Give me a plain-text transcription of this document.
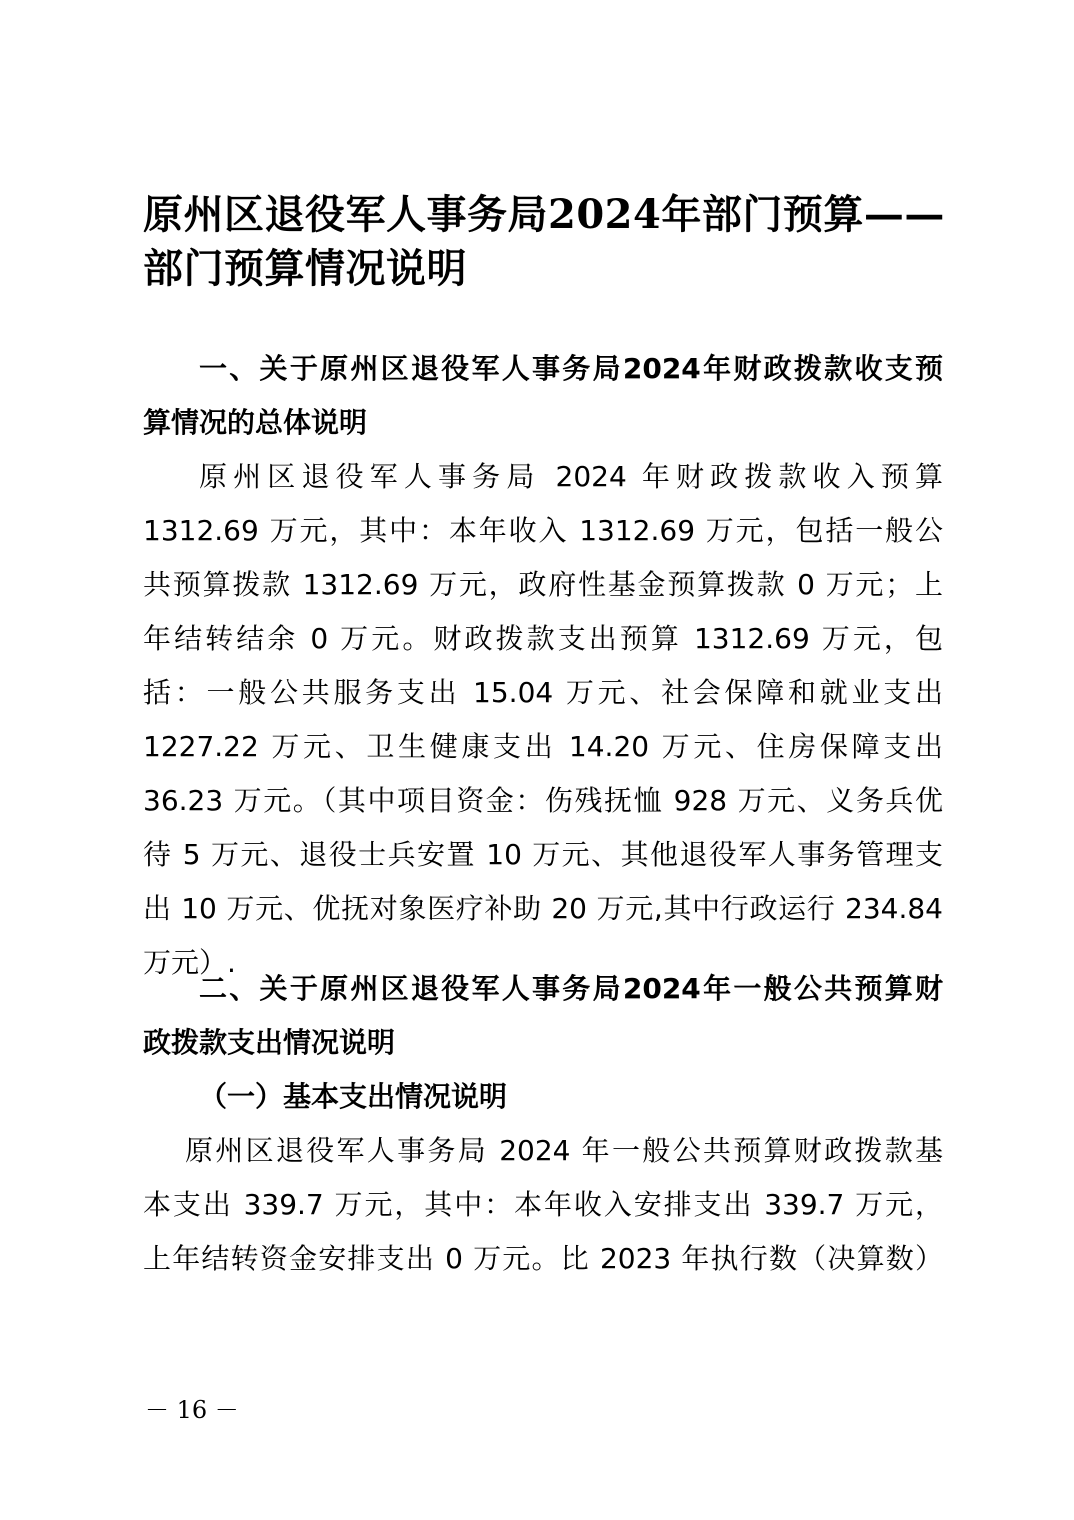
原州区退役军人事务局2024年部门预算——
部门预算情况说明
一、关于原州区退役军人事务局2024年财政拨款收支预
算情况的总体说明
原州区退役军人事务局 2024 年财政拨款收入预算
1312.69 万元，其中：本年收入 1312.69 万元，包括一般公
共预算拨款 1312.69 万元，政府性基金预算拨款 0 万元；上
年结转结余 0 万元。财政拨款支出预算 1312.69 万元，包
括：一般公共服务支出 15.04 万元、社会保障和就业支出
1227.22 万元、卫生健康支出 14.20 万元、住房保障支出
36.23 万元。（其中项目资金：伤残抚恤 928 万元、义务兵优
待 5 万元、退役士兵安置 10 万元、其他退役军人事务管理支
出 10 万元、优抚对象医疗补助 20 万元,其中行政运行 234.84
万元）.
二、关于原州区退役军人事务局2024年一般公共预算财
政拨款支出情况说明
（一）基本支出情况说明
原州区退役军人事务局 2024 年一般公共预算财政拨款基
本支出 339.7 万元，其中：本年收入安排支出 339.7 万元，
上年结转资金安排支出 0 万元。比 2023 年执行数（决算数）
－ 16 －
